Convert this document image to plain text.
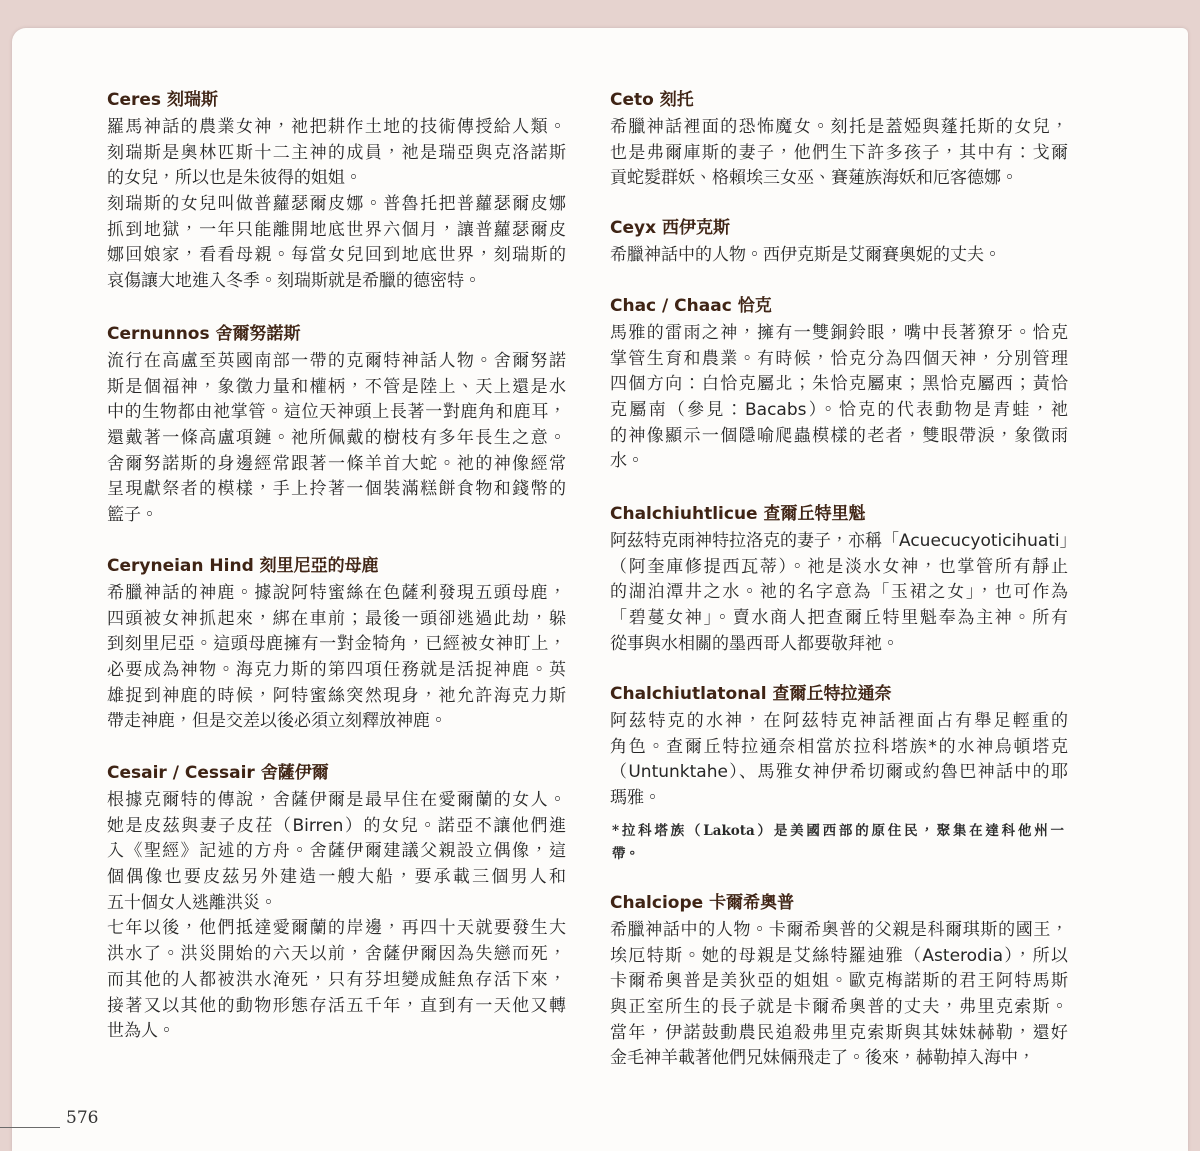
Ceres 刻瑞斯
羅馬神話的農業女神，祂把耕作土地的技術傳授給人類。
刻瑞斯是奧林匹斯十二主神的成員，祂是瑞亞與克洛諾斯
的女兒，所以也是朱彼得的姐姐。
刻瑞斯的女兒叫做普蘿瑟爾皮娜。普魯托把普蘿瑟爾皮娜
抓到地獄，一年只能離開地底世界六個月，讓普蘿瑟爾皮
娜回娘家，看看母親。每當女兒回到地底世界，刻瑞斯的
哀傷讓大地進入冬季。刻瑞斯就是希臘的德密特。
Cernunnos 舍爾努諾斯
流行在高盧至英國南部一帶的克爾特神話人物。舍爾努諾
斯是個福神，象徵力量和權柄，不管是陸上、天上還是水
中的生物都由祂掌管。這位天神頭上長著一對鹿角和鹿耳，
還戴著一條高盧項鏈。祂所佩戴的樹枝有多年長生之意。
舍爾努諾斯的身邊經常跟著一條羊首大蛇。祂的神像經常
呈現獻祭者的模樣，手上拎著一個裝滿糕餅食物和錢幣的
籃子。
Ceryneian Hind 刻里尼亞的母鹿
希臘神話的神鹿。據說阿特蜜絲在色薩利發現五頭母鹿，
四頭被女神抓起來，綁在車前；最後一頭卻逃過此劫，躲
到刻里尼亞。這頭母鹿擁有一對金犄角，已經被女神盯上，
必要成為神物。海克力斯的第四項任務就是活捉神鹿。英
雄捉到神鹿的時候，阿特蜜絲突然現身，祂允許海克力斯
帶走神鹿，但是交差以後必須立刻釋放神鹿。
Cesair / Cessair 舍薩伊爾
根據克爾特的傳說，舍薩伊爾是最早住在愛爾蘭的女人。
她是皮茲與妻子皮茌（Birren）的女兒。諾亞不讓他們進
入《聖經》記述的方舟。舍薩伊爾建議父親設立偶像，這
個偶像也要皮茲另外建造一艘大船，要承載三個男人和
五十個女人逃離洪災。
七年以後，他們抵達愛爾蘭的岸邊，再四十天就要發生大
洪水了。洪災開始的六天以前，舍薩伊爾因為失戀而死，
而其他的人都被洪水淹死，只有芬坦變成鮭魚存活下來，
接著又以其他的動物形態存活五千年，直到有一天他又轉
世為人。
Ceto 刻托
希臘神話裡面的恐怖魔女。刻托是蓋婭與蓬托斯的女兒，
也是弗爾庫斯的妻子，他們生下許多孩子，其中有：戈爾
貢蛇髮群妖、格賴埃三女巫、賽蓮族海妖和厄客德娜。
Ceyx 西伊克斯
希臘神話中的人物。西伊克斯是艾爾賽奧妮的丈夫。
Chac / Chaac 恰克
馬雅的雷雨之神，擁有一雙銅鈴眼，嘴中長著獠牙。恰克
掌管生育和農業。有時候，恰克分為四個天神，分別管理
四個方向：白恰克屬北；朱恰克屬東；黑恰克屬西；黃恰
克屬南（參見：Bacabs）。恰克的代表動物是青蛙，祂
的神像顯示一個隱喻爬蟲模樣的老者，雙眼帶淚，象徵雨
水。
Chalchiuhtlicue 查爾丘特里魁
阿茲特克雨神特拉洛克的妻子，亦稱「Acuecucyoticihuati」
（阿奎庫修提西瓦蒂）。祂是淡水女神，也掌管所有靜止
的湖泊潭井之水。祂的名字意為「玉裙之女」，也可作為
「碧蔓女神」。賣水商人把查爾丘特里魁奉為主神。所有
從事與水相關的墨西哥人都要敬拜祂。
Chalchiutlatonal 查爾丘特拉通奈
阿茲特克的水神，在阿茲特克神話裡面占有舉足輕重的
角色。查爾丘特拉通奈相當於拉科塔族*的水神烏頓塔克
（Untunktahe）、馬雅女神伊希切爾或約魯巴神話中的耶
瑪雅。
*拉科塔族（Lakota）是美國西部的原住民，聚集在達科他州一
帶。
Chalciope 卡爾希奧普
希臘神話中的人物。卡爾希奧普的父親是科爾琪斯的國王，
埃厄特斯。她的母親是艾絲特羅迪雅（Asterodia），所以
卡爾希奧普是美狄亞的姐姐。歐克梅諾斯的君王阿特馬斯
與正室所生的長子就是卡爾希奧普的丈夫，弗里克索斯。
當年，伊諾鼓動農民追殺弗里克索斯與其妹妹赫勒，還好
金毛神羊載著他們兄妹倆飛走了。後來，赫勒掉入海中，
576
